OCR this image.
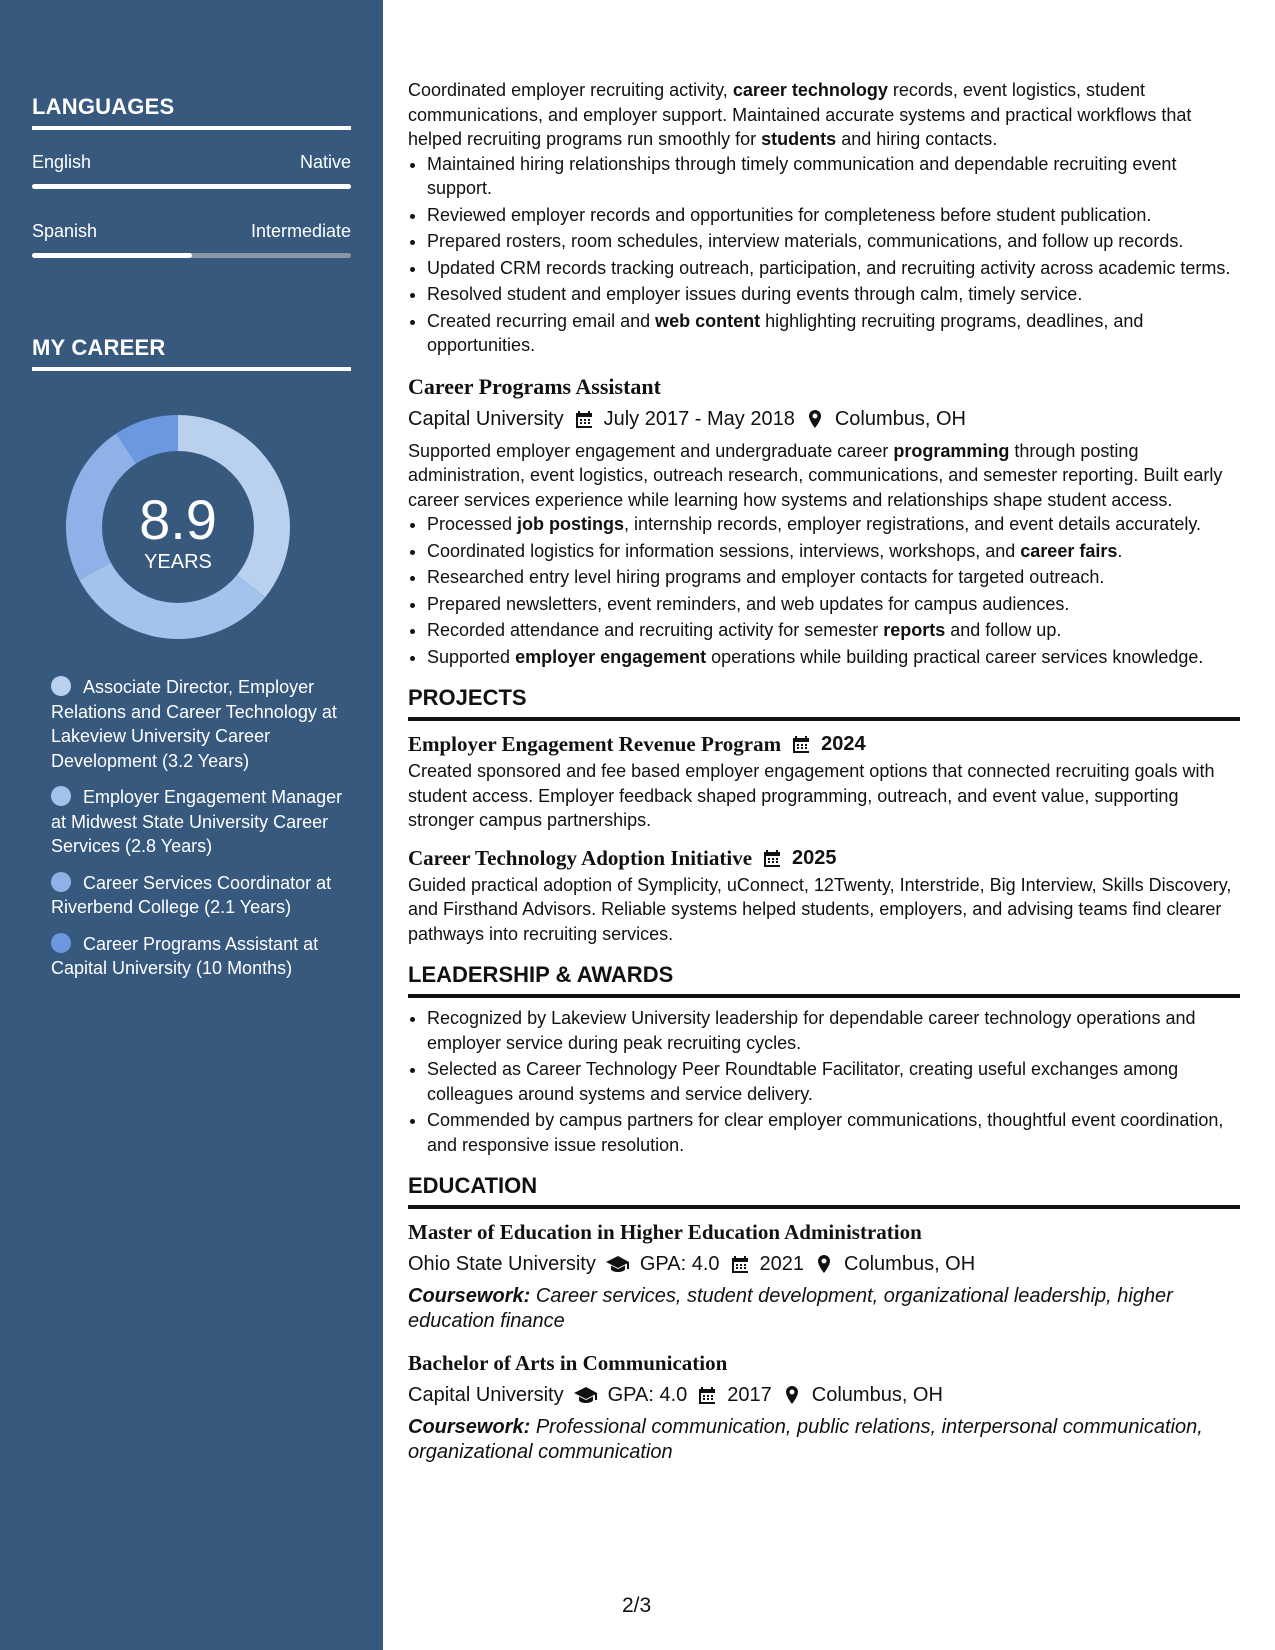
LANGUAGES
English	Native
Spanish	Intermediate
MY CAREER
8.9
YEARS
Associate Director, Employer Relations and Career Technology at Lakeview University Career Development (3.2 Years)
Employer Engagement Manager at Midwest State University Career Services (2.8 Years)
Career Services Coordinator at Riverbend College (2.1 Years)
Career Programs Assistant at Capital University (10 Months)

Coordinated employer recruiting activity, career technology records, event logistics, student communications, and employer support. Maintained accurate systems and practical workflows that helped recruiting programs run smoothly for students and hiring contacts.

• Maintained hiring relationships through timely communication and dependable recruiting event support.
• Reviewed employer records and opportunities for completeness before student publication.
• Prepared rosters, room schedules, interview materials, communications, and follow up records.
• Updated CRM records tracking outreach, participation, and recruiting activity across academic terms.
• Resolved student and employer issues during events through calm, timely service.
• Created recurring email and web content highlighting recruiting programs, deadlines, and opportunities.
Career Programs Assistant
Capital University July 2017 - May 2018 Columbus, OH

Supported employer engagement and undergraduate career programming through posting administration, event logistics, outreach research, communications, and semester reporting. Built early career services experience while learning how systems and relationships shape student access.

• Processed job postings, internship records, employer registrations, and event details accurately.
• Coordinated logistics for information sessions, interviews, workshops, and career fairs.
• Researched entry level hiring programs and employer contacts for targeted outreach.
• Prepared newsletters, event reminders, and web updates for campus audiences.
• Recorded attendance and recruiting activity for semester reports and follow up.
• Supported employer engagement operations while building practical career services knowledge.
PROJECTS
Employer Engagement Revenue Program 2024

Created sponsored and fee based employer engagement options that connected recruiting goals with student access. Employer feedback shaped programming, outreach, and event value, supporting stronger campus partnerships.

Career Technology Adoption Initiative 2025

Guided practical adoption of Symplicity, uConnect, 12Twenty, Interstride, Big Interview, Skills Discovery, and Firsthand Advisors. Reliable systems helped students, employers, and advising teams find clearer pathways into recruiting services.

LEADERSHIP & AWARDS
• Recognized by Lakeview University leadership for dependable career technology operations and employer service during peak recruiting cycles.
• Selected as Career Technology Peer Roundtable Facilitator, creating useful exchanges among colleagues around systems and service delivery.
• Commended by campus partners for clear employer communications, thoughtful event coordination, and responsive issue resolution.
EDUCATION
Master of Education in Higher Education Administration
Ohio State University GPA: 4.0 2021 Columbus, OH

Coursework: Career services, student development, organizational leadership, higher education finance

Bachelor of Arts in Communication
Capital University GPA: 4.0 2017 Columbus, OH

Coursework: Professional communication, public relations, interpersonal communication, organizational communication

2/3
